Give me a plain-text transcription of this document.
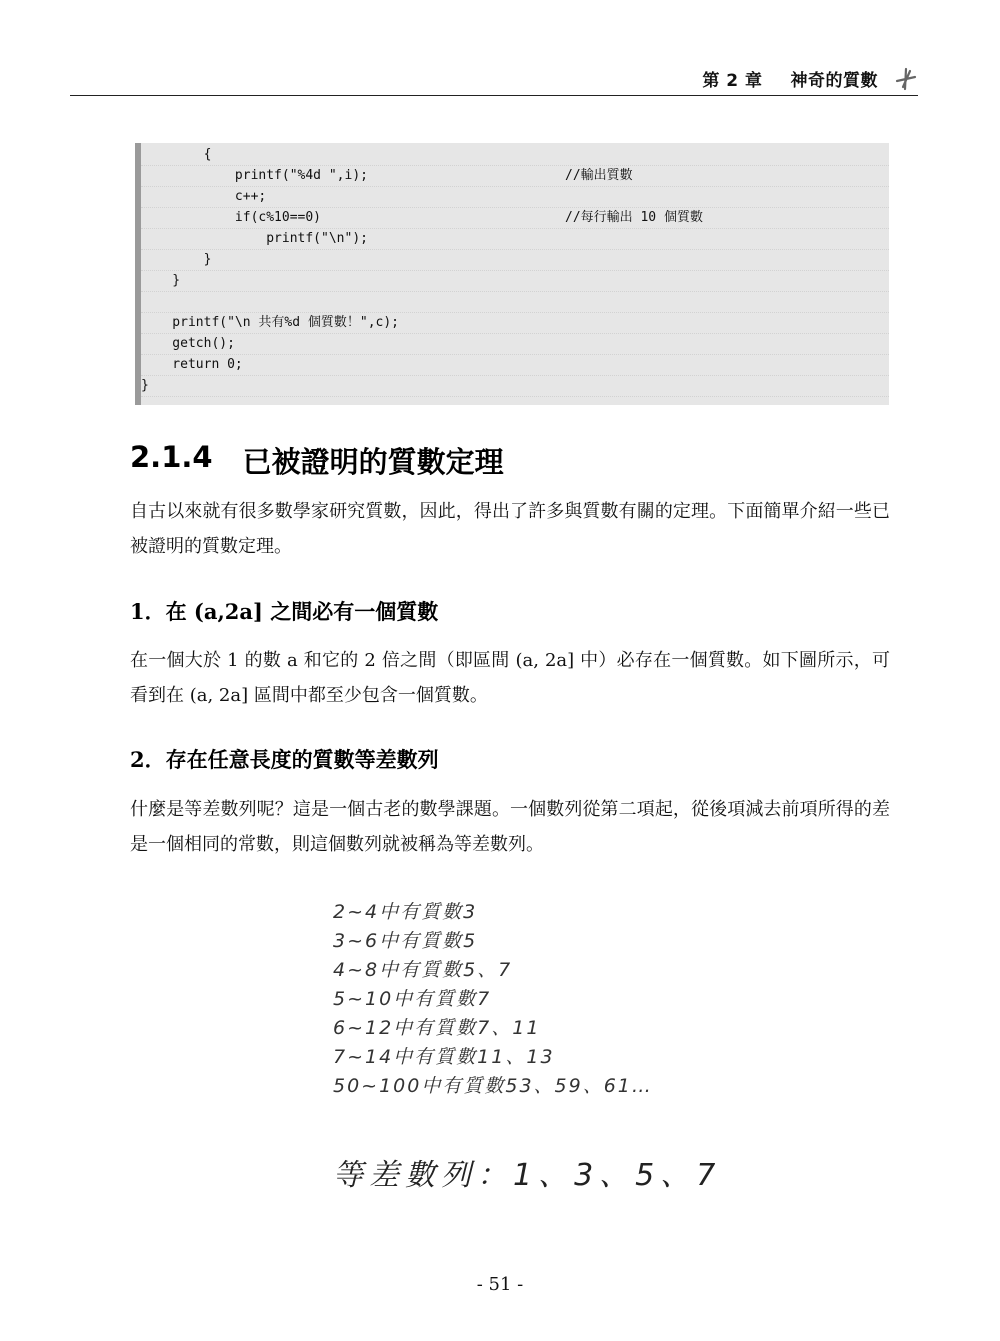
第 2 章 神奇的質數
{
printf("%4d ",i);	//輸出質數
c++;
if(c%10==0)	//每行輸出 10 個質數
printf("\n");
}
}
printf("\n 共有%d 個質數！",c);
getch();
return 0;
}
2.1.4 已被證明的質數定理

自古以來就有很多數學家研究質數，因此，得出了許多與質數有關的定理。下面簡單介紹一些已被證明的質數定理。

1．在 (a,2a] 之間必有一個質數

在一個大於 1 的數 a 和它的 2 倍之間（即區間 (a, 2a] 中）必存在一個質數。如下圖所示，可看到在 (a, 2a] 區間中都至少包含一個質數。

2．存在任意長度的質數等差數列

什麼是等差數列呢？這是一個古老的數學課題。一個數列從第二項起，從後項減去前項所得的差是一個相同的常數，則這個數列就被稱為等差數列。

2~4中有質數3
3~6中有質數5
4~8中有質數5、7
5~10中有質數7
6~12中有質數7、11
7~14中有質數11、13
50~100中有質數53、59、61…
等差數列：1、3、5、7
- 51 -
